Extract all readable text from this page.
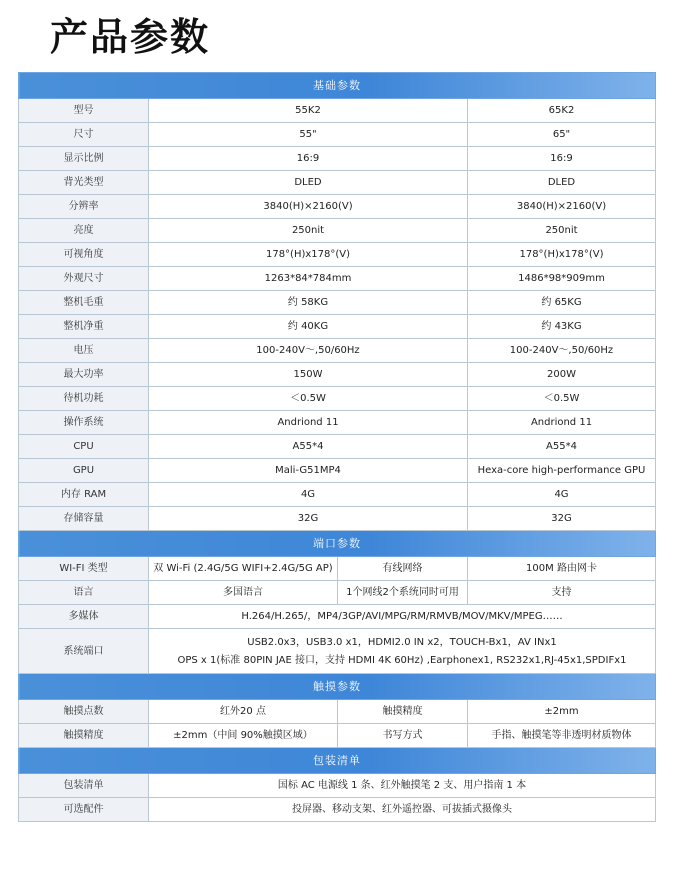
产品参数
基础参数			
型号	55K2		65K2
尺寸	55"		65"
显示比例	16:9		16:9
背光类型	DLED		DLED
分辨率	3840(H)×2160(V)		3840(H)×2160(V)
亮度	250nit		250nit
可视角度	178°(H)x178°(V)		178°(H)x178°(V)
外观尺寸	1263*84*784mm		1486*98*909mm
整机毛重	约 58KG		约 65KG
整机净重	约 40KG		约 43KG
电压	100-240V～,50/60Hz		100-240V～,50/60Hz
最大功率	150W		200W
待机功耗	＜0.5W		＜0.5W
操作系统	Andriond 11		Andriond 11
CPU	A55*4		A55*4
GPU	Mali-G51MP4		Hexa-core high-performance GPU
内存 RAM	4G		4G
存储容量	32G		32G
端口参数			
WI-FI 类型	双 Wi-Fi (2.4G/5G WIFI+2.4G/5G AP)	有线网络	100M 路由网卡
语言	多国语言	1个网线2个系统同时可用	支持
多媒体	H.264/H.265/，MP4/3GP/AVI/MPG/RM/RMVB/MOV/MKV/MPEG……		
系统端口	USB2.0x3，USB3.0 x1，HDMI2.0 IN x2，TOUCH-Bx1，AV INx1
OPS x 1(标准 80PIN JAE 接口，支持 HDMI 4K 60Hz) ,Earphonex1, RS232x1,RJ-45x1,SPDIFx1		

触摸参数			
触摸点数	红外20 点	触摸精度	±2mm
触摸精度	±2mm（中间 90%触摸区域）	书写方式	手指、触摸笔等非透明材质物体
包装清单			
包装清单	国标 AC 电源线 1 条、红外触摸笔 2 支、用户指南 1 本		
可选配件	投屏器、移动支架、红外遥控器、可拔插式摄像头		
